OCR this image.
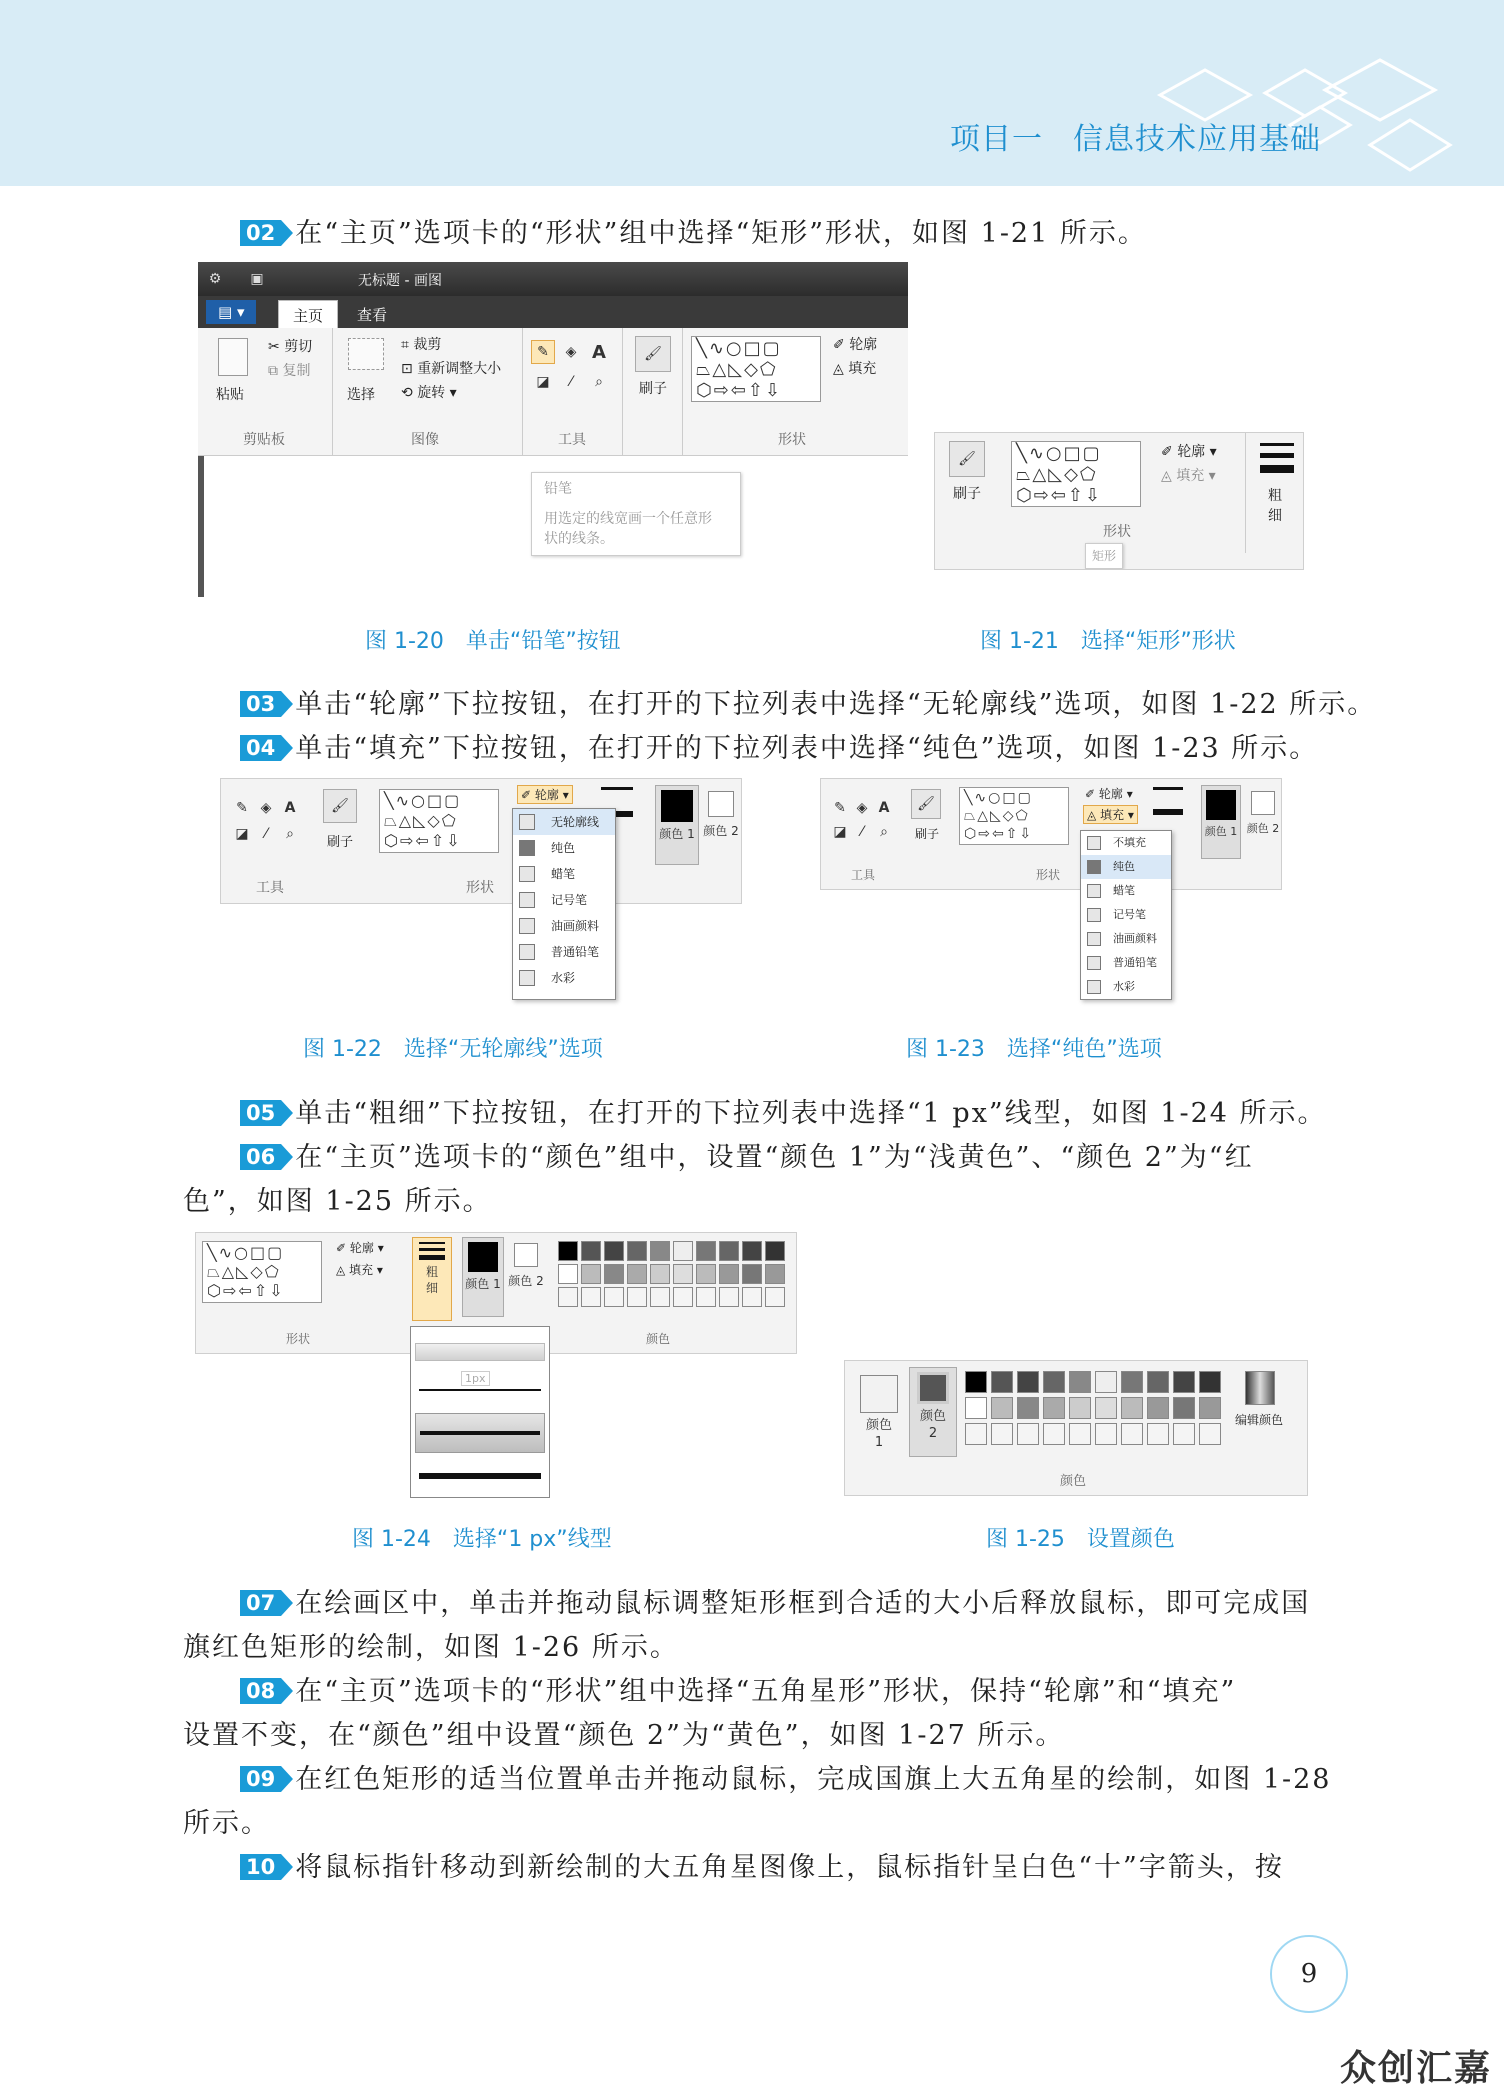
项目一 信息技术应用基础
02 在“主页”选项卡的“形状”组中选择“矩形”形状，如图 1-21 所示。
无标题 - 画图
⚙ ▣
▤ ▾	主页	查看
粘贴
✂ 剪切
⧉ 复制
剪贴板
选择
⌗ 裁剪
⊡ 重新调整大小
⟲ 旋转 ▾
图像
✎	◈ A
◪	⁄	⌕
工具
🖌
刷子
╲∿○□▢
⏢△◺◇⬠
⬡⇨⇦⇧⇩
✐ 轮廓
◬ 填充
形状
铅笔
用选定的线宽画一个任意形
状的线条。
🖌
刷子
╲∿○□▢
⏢△◺◇⬠
⬡⇨⇦⇧⇩
✐ 轮廓 ▾
◬ 填充 ▾
粗
细
形状
矩形
图 1-20　单击“铅笔”按钮	图 1-21　选择“矩形”形状
03 单击“轮廓”下拉按钮，在打开的下拉列表中选择“无轮廓线”选项，如图 1-22 所示。
04 单击“填充”下拉按钮，在打开的下拉列表中选择“纯色”选项，如图 1-23 所示。
✎ ◈ A
◪	⁄	⌕
工具
🖌
刷子
╲∿○□▢
⏢△◺◇⬠
⬡⇨⇦⇧⇩
形状
✐ 轮廓 ▾
颜色 1 颜色 2
无轮廓线
纯色
蜡笔
记号笔
油画颜料
普通铅笔
水彩
✎ ◈ A
◪	⁄	⌕
工具
🖌
刷子
╲∿○□▢
⏢△◺◇⬠
⬡⇨⇦⇧⇩
形状
✐ 轮廓 ▾
◬ 填充 ▾
颜色 1 颜色 2
不填充
纯色
蜡笔
记号笔
油画颜料
普通铅笔
水彩
图 1-22　选择“无轮廓线”选项	图 1-23　选择“纯色”选项
05 单击“粗细”下拉按钮，在打开的下拉列表中选择“1 px”线型，如图 1-24 所示。
06 在“主页”选项卡的“颜色”组中，设置“颜色 1”为“浅黄色”、“颜色 2”为“红
色”，如图 1-25 所示。
╲∿○□▢
⏢△◺◇⬠
⬡⇨⇦⇧⇩
✐ 轮廓 ▾
◬ 填充 ▾
形状
粗
细	颜色 1 颜色 2
颜色
1px
颜色 1
颜色 2
编辑颜色
颜色
图 1-24　选择“1 px”线型	图 1-25　设置颜色
07 在绘画区中，单击并拖动鼠标调整矩形框到合适的大小后释放鼠标，即可完成国
旗红色矩形的绘制，如图 1-26 所示。
08 在“主页”选项卡的“形状”组中选择“五角星形”形状，保持“轮廓”和“填充”
设置不变，在“颜色”组中设置“颜色 2”为“黄色”，如图 1-27 所示。
09 在红色矩形的适当位置单击并拖动鼠标，完成国旗上大五角星的绘制，如图 1-28
所示。
10 将鼠标指针移动到新绘制的大五角星图像上，鼠标指针呈白色“十”字箭头，按
9
众创汇嘉
